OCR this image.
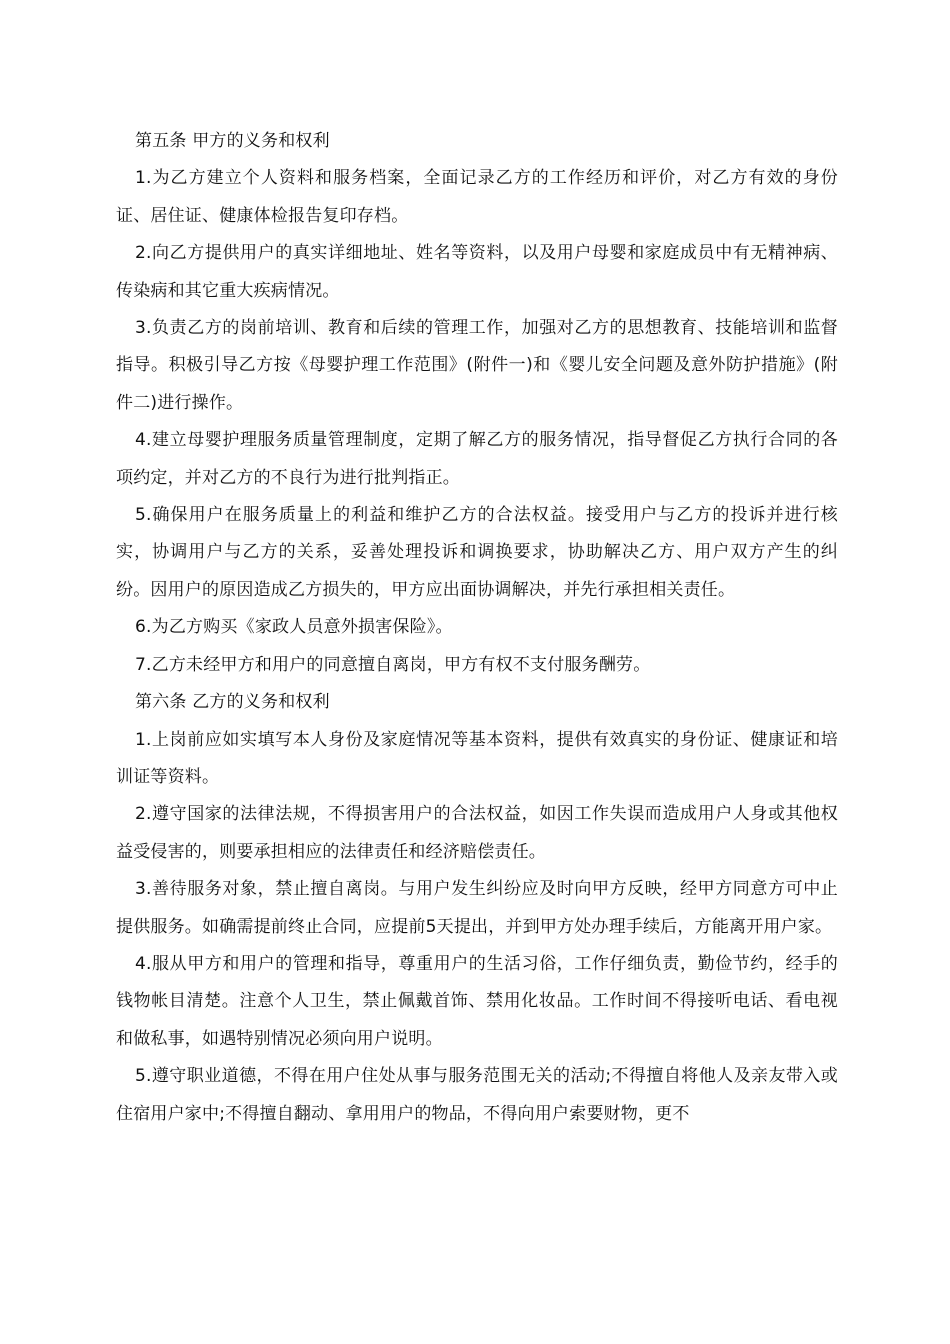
第五条 甲方的义务和权利

1.为乙方建立个人资料和服务档案，全面记录乙方的工作经历和评价，对乙方有效的身份证、居住证、健康体检报告复印存档。

2.向乙方提供用户的真实详细地址、姓名等资料，以及用户母婴和家庭成员中有无精神病、传染病和其它重大疾病情况。

3.负责乙方的岗前培训、教育和后续的管理工作，加强对乙方的思想教育、技能培训和监督指导。积极引导乙方按《母婴护理工作范围》(附件一)和《婴儿安全问题及意外防护措施》(附件二)进行操作。

4.建立母婴护理服务质量管理制度，定期了解乙方的服务情况，指导督促乙方执行合同的各项约定，并对乙方的不良行为进行批判指正。

5.确保用户在服务质量上的利益和维护乙方的合法权益。接受用户与乙方的投诉并进行核实，协调用户与乙方的关系，妥善处理投诉和调换要求，协助解决乙方、用户双方产生的纠纷。因用户的原因造成乙方损失的，甲方应出面协调解决，并先行承担相关责任。

6.为乙方购买《家政人员意外损害保险》。

7.乙方未经甲方和用户的同意擅自离岗，甲方有权不支付服务酬劳。

第六条 乙方的义务和权利

1.上岗前应如实填写本人身份及家庭情况等基本资料，提供有效真实的身份证、健康证和培训证等资料。

2.遵守国家的法律法规，不得损害用户的合法权益，如因工作失误而造成用户人身或其他权益受侵害的，则要承担相应的法律责任和经济赔偿责任。

3.善待服务对象，禁止擅自离岗。与用户发生纠纷应及时向甲方反映，经甲方同意方可中止提供服务。如确需提前终止合同，应提前5天提出，并到甲方处办理手续后，方能离开用户家。

4.服从甲方和用户的管理和指导，尊重用户的生活习俗，工作仔细负责，勤俭节约，经手的钱物帐目清楚。注意个人卫生，禁止佩戴首饰、禁用化妆品。工作时间不得接听电话、看电视和做私事，如遇特别情况必须向用户说明。

5.遵守职业道德，不得在用户住处从事与服务范围无关的活动;不得擅自将他人及亲友带入或住宿用户家中;不得擅自翻动、拿用用户的物品，不得向用户索要财物，更不
